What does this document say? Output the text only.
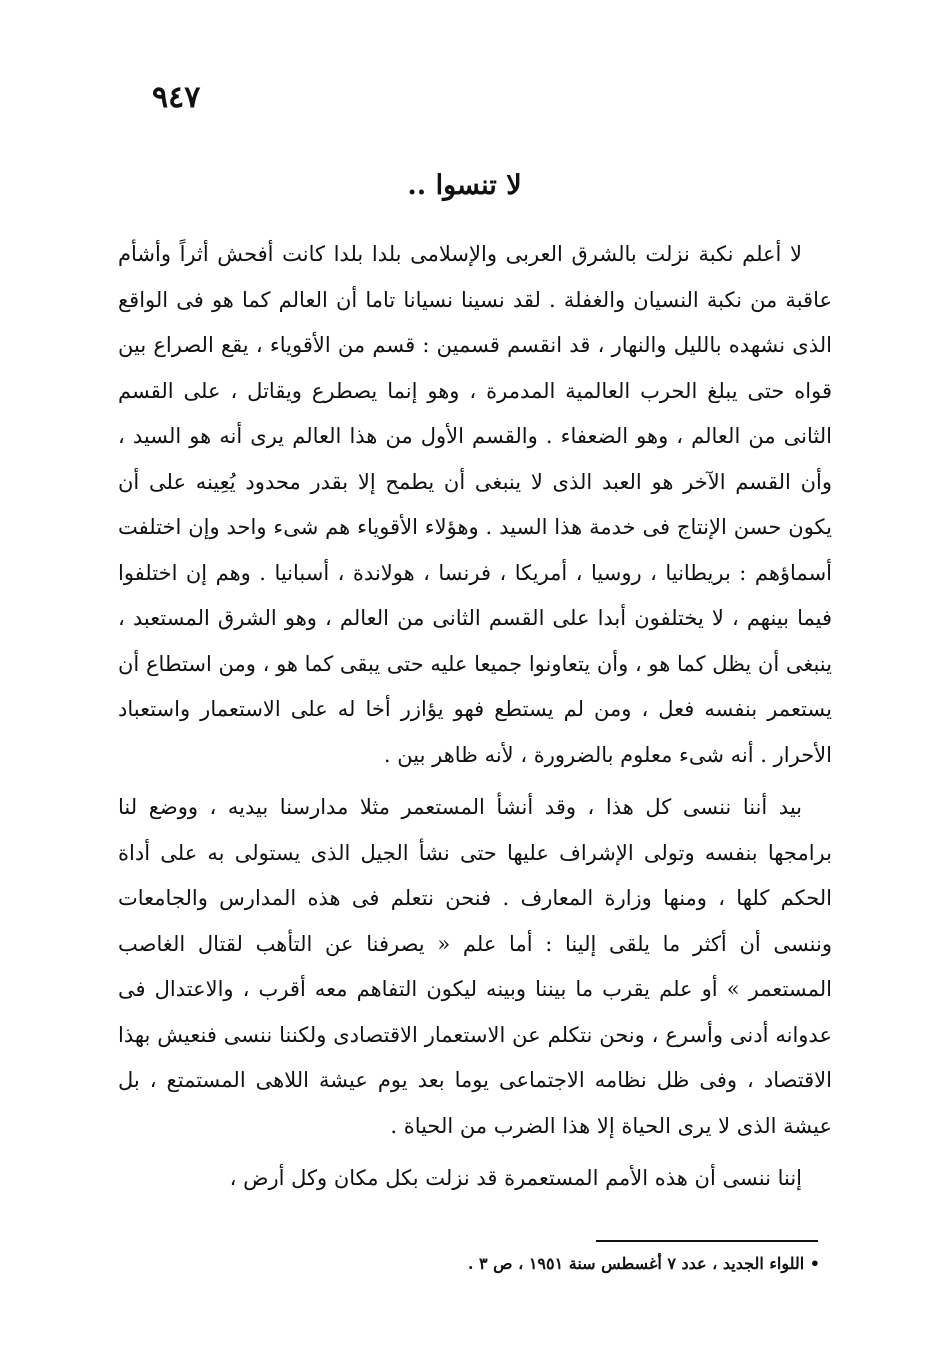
٩٤٧
لا تنسوا ..

لا أعلم نكبة نزلت بالشرق العربى والإسلامى بلدا بلدا كانت أفحش أثراً وأشأم عاقبة من نكبة النسيان والغفلة . لقد نسينا نسيانا تاما أن العالم كما هو فى الواقع الذى نشهده بالليل والنهار ، قد انقسم قسمين : قسم من الأقوياء ، يقع الصراع بين قواه حتى يبلغ الحرب العالمية المدمرة ، وهو إنما يصطرع ويقاتل ، على القسم الثانى من العالم ، وهو الضعفاء . والقسم الأول من هذا العالم يرى أنه هو السيد ، وأن القسم الآخر هو العبد الذى لا ينبغى أن يطمح إلا بقدر محدود يُعِينه على أن يكون حسن الإنتاج فى خدمة هذا السيد . وهؤلاء الأقوياء هم شىء واحد وإن اختلفت أسماؤهم : بريطانيا ، روسيا ، أمريكا ، فرنسا ، هولاندة ، أسبانيا . وهم إن اختلفوا فيما بينهم ، لا يختلفون أبدا على القسم الثانى من العالم ، وهو الشرق المستعبد ، ينبغى أن يظل كما هو ، وأن يتعاونوا جميعا عليه حتى يبقى كما هو ، ومن استطاع أن يستعمر بنفسه فعل ، ومن لم يستطع فهو يؤازر أخا له على الاستعمار واستعباد الأحرار . أنه شىء معلوم بالضرورة ، لأنه ظاهر بين .

بيد أننا ننسى كل هذا ، وقد أنشأ المستعمر مثلا مدارسنا بيديه ، ووضع لنا برامجها بنفسه وتولى الإشراف عليها حتى نشأ الجيل الذى يستولى به على أداة الحكم كلها ، ومنها وزارة المعارف . فنحن نتعلم فى هذه المدارس والجامعات وننسى أن أكثر ما يلقى إلينا : أما علم « يصرفنا عن التأهب لقتال الغاصب المستعمر » أو علم يقرب ما بيننا وبينه ليكون التفاهم معه أقرب ، والاعتدال فى عدوانه أدنى وأسرع ، ونحن نتكلم عن الاستعمار الاقتصادى ولكننا ننسى فنعيش بهذا الاقتصاد ، وفى ظل نظامه الاجتماعى يوما بعد يوم عيشة اللاهى المستمتع ، بل عيشة الذى لا يرى الحياة إلا هذا الضرب من الحياة .

إننا ننسى أن هذه الأمم المستعمرة قد نزلت بكل مكان وكل أرض ،

• اللواء الجديد ، عدد ٧ أغسطس سنة ١٩٥١ ، ص ٣ .
